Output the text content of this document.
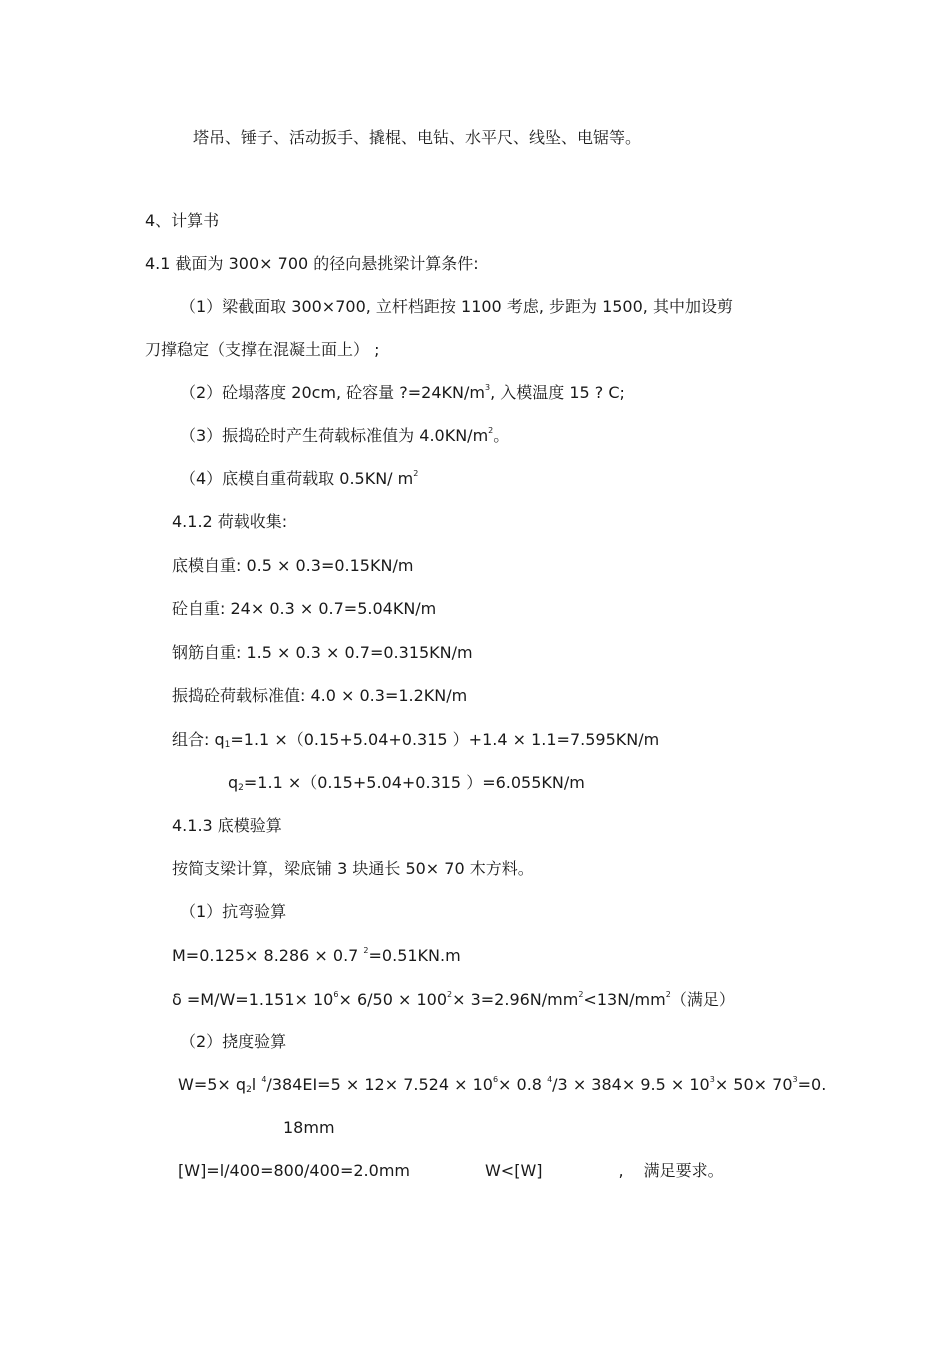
塔吊、锤子、活动扳手、撬棍、电钻、水平尺、线坠、电锯等。
4、计算书
4.1 截面为 300× 700 的径向悬挑梁计算条件:
（1）梁截面取 300×700, 立杆档距按 1100 考虑, 步距为 1500, 其中加设剪
刀撑稳定（支撑在混凝土面上） ;
（2）砼塌落度 20cm, 砼容量 $?=24KN/m^3$, 入模温度 15 ? C;
（3）振捣砼时产生荷载标准值为 $4.0KN/m^2$。
（4）底模自重荷载取 0.5KN/ $m^2$
4.1.2 荷载收集:
底模自重: 0.5 × 0.3=0.15KN/m
砼自重: 24× 0.3 × 0.7=5.04KN/m
钢筋自重: 1.5 × 0.3 × 0.7=0.315KN/m
振捣砼荷载标准值: 4.0 × 0.3=1.2KN/m
组合: $q_1=1.1 \times(0.15+5.04+0.315$ ）+1.4 × 1.1=7.595KN/m
$q_2=1.1 \times(0.15+5.04+0.315$ ）=6.055KN/m
4.1.3 底模验算
按简支梁计算，梁底铺 3 块通长 50× 70 木方料。
（1）抗弯验算
M=0.125× 8.286 × 0.7 $^2$=0.51KN.m
$\delta =M/W=1.151\times 10^6\times 6/50 \times 100^2\times 3=2.96N/mm^2<13N/mm^2$（满足）
（2）挠度验算
$W=5\times q_2l$ $^4/384EI=5 \times 12\times 7.524 \times 10^6\times 0.8$ $^4/3 \times 384\times 9.5 \times 10^3\times 50\times 70^3=0$.
18mm
[W]=l/400=800/400=2.0mm	W<[W]	, 满足要求。
